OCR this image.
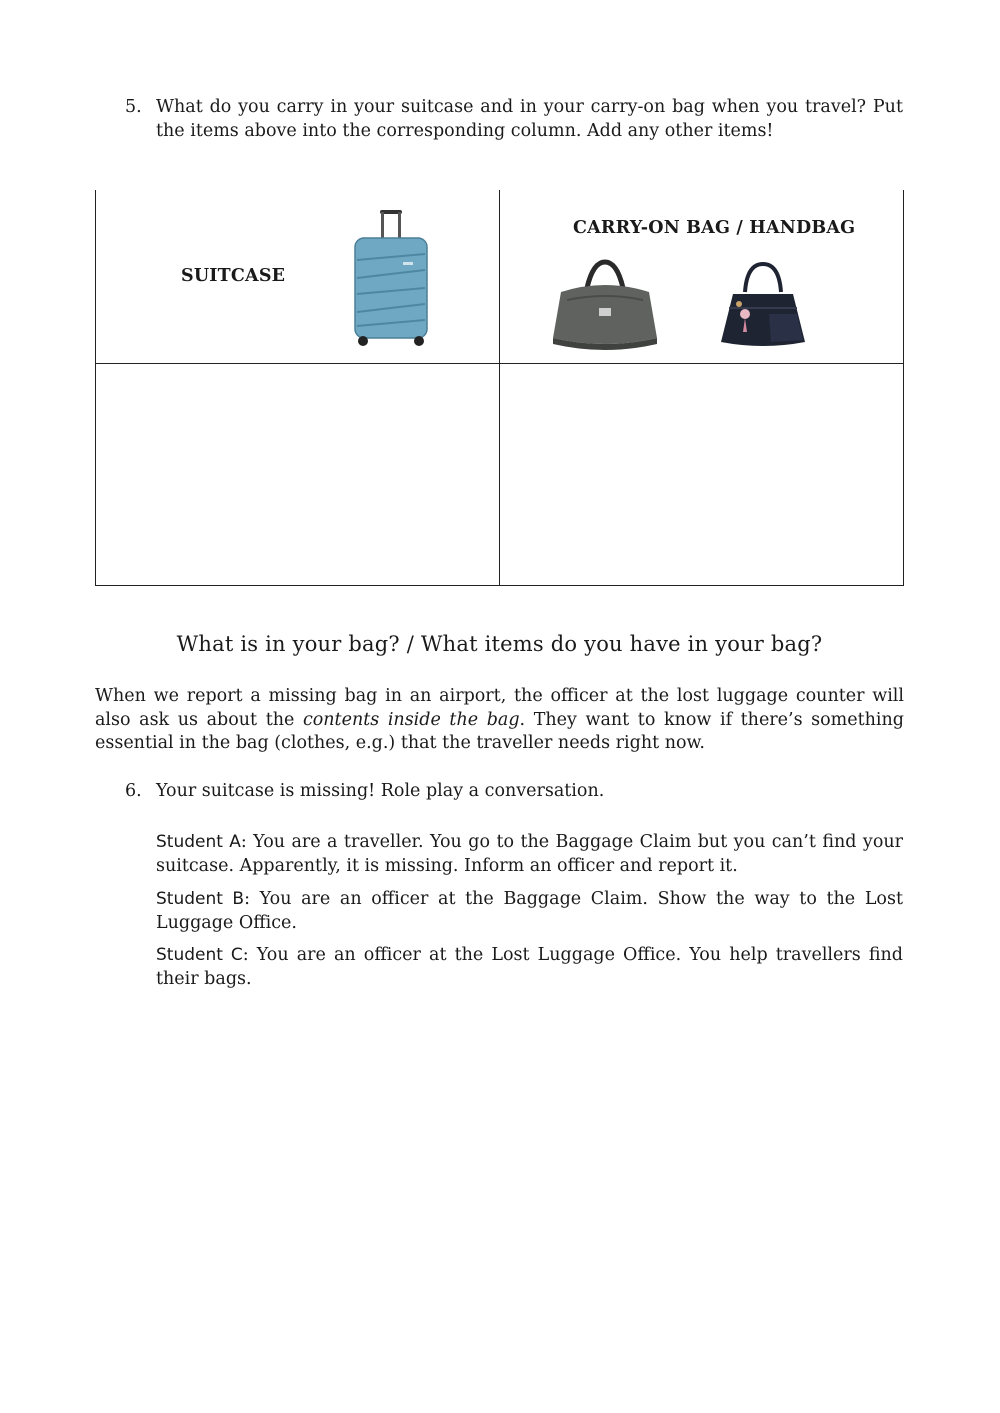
5. What do you carry in your suitcase and in your carry-on bag when you travel? Put the items above into the corresponding column. Add any other items!
SUITCASE
CARRY-ON BAG / HANDBAG
What is in your bag? / What items do you have in your bag?
When we report a missing bag in an airport, the officer at the lost luggage counter will also ask us about the contents inside the bag. They want to know if there’s something essential in the bag (clothes, e.g.) that the traveller needs right now.
6. Your suitcase is missing! Role play a conversation.
Student A: You are a traveller. You go to the Baggage Claim but you can’t find your suitcase. Apparently, it is missing. Inform an officer and report it.
Student B: You are an officer at the Baggage Claim. Show the way to the Lost Luggage Office.
Student C: You are an officer at the Lost Luggage Office. You help travellers find their bags.
